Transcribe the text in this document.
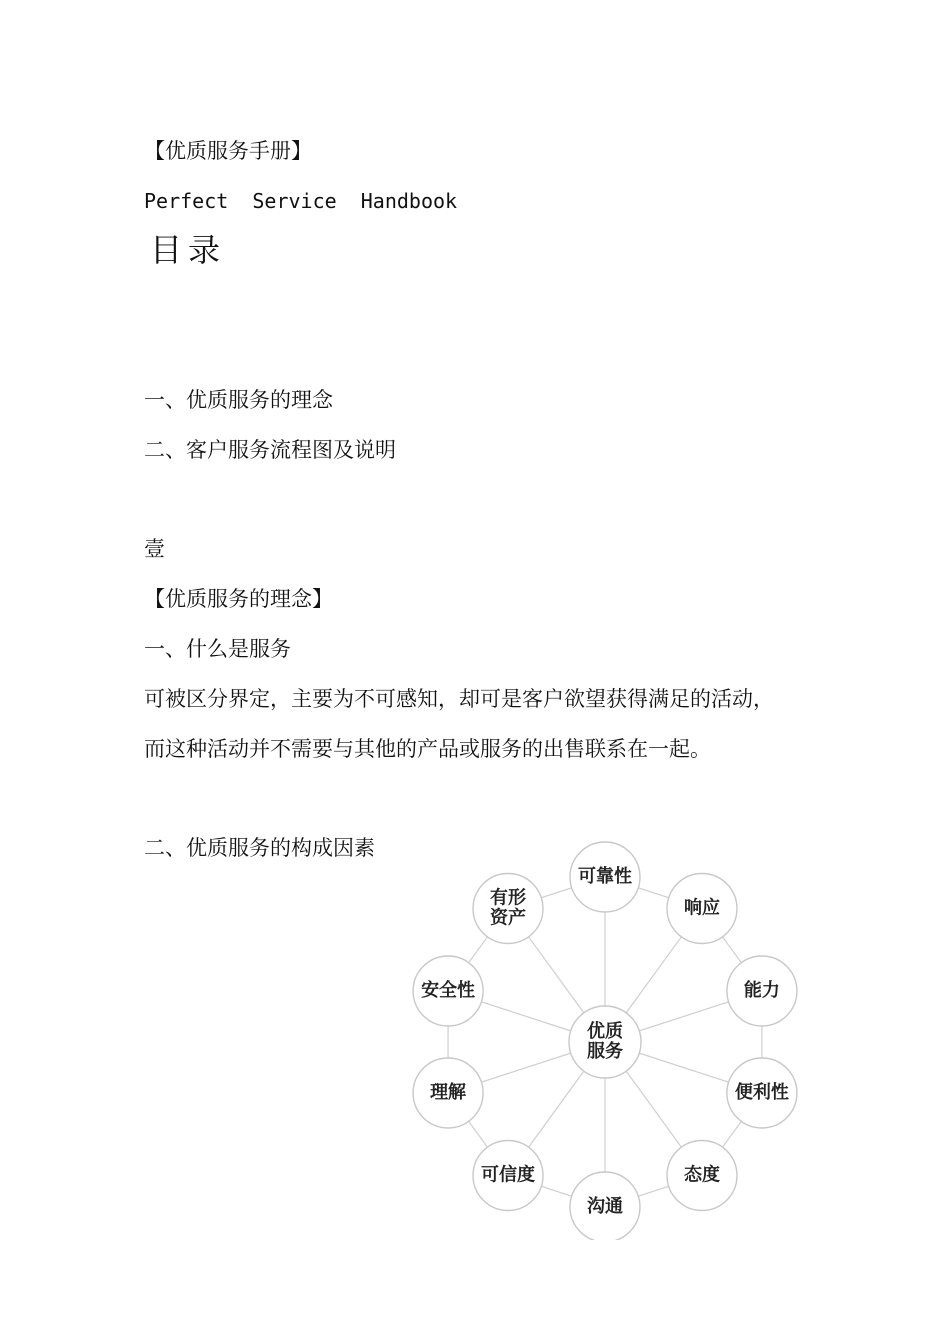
【优质服务手册】
Perfect  Service  Handbook
目录
一、优质服务的理念
二、客户服务流程图及说明
壹
【优质服务的理念】
一、什么是服务
可被区分界定，主要为不可感知，却可是客户欲望获得满足的活动，
而这种活动并不需要与其他的产品或服务的出售联系在一起。
二、优质服务的构成因素
可靠性
响应
能力
便利性
态度
沟通
可信度
理解
安全性
有形
资产
优质
服务
